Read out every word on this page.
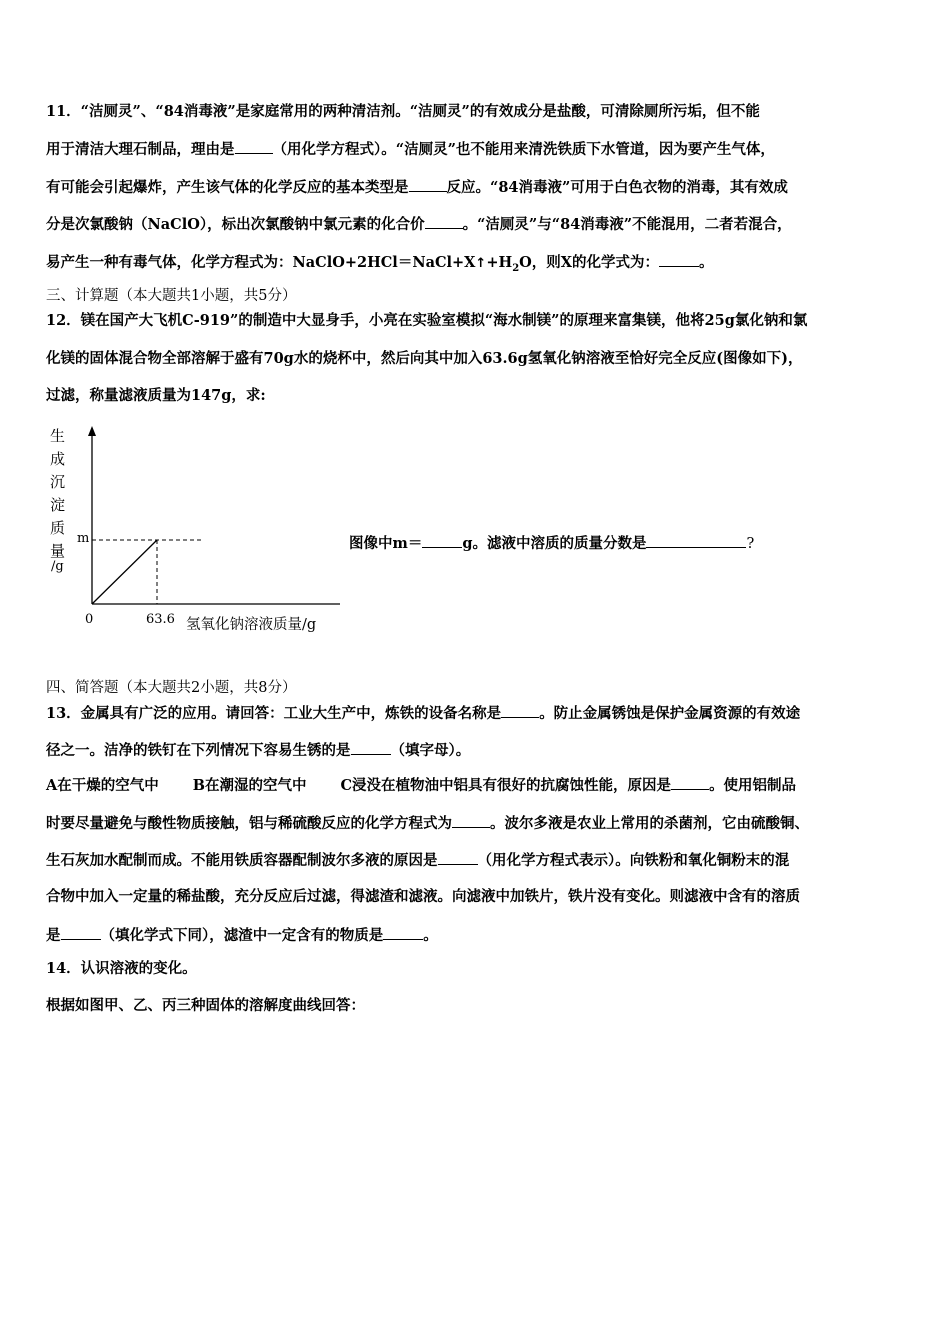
11．“洁厕灵”、“84消毒液”是家庭常用的两种清洁剂。“洁厕灵”的有效成分是盐酸，可清除厕所污垢，但不能
用于清洁大理石制品，理由是	（用化学方程式）。“洁厕灵”也不能用来清洗铁质下水管道，因为要产生气体，
有可能会引起爆炸，产生该气体的化学反应的基本类型是	反应。“84消毒液”可用于白色衣物的消毒，其有效成
分是次氯酸钠（NaClO），标出次氯酸钠中氯元素的化合价	。“洁厕灵”与“84消毒液”不能混用，二者若混合，
易产生一种有毒气体，化学方程式为：$NaClO+2HCl=NaCl+X↑+H_2O$，则X的化学式为：	。
三、计算题（本大题共1小题，共5分）
12．镁在国产大飞机C-919”的制造中大显身手，小亮在实验室模拟“海水制镁”的原理来富集镁，他将25g氯化钠和氯
化镁的固体混合物全部溶解于盛有70g水的烧杯中，然后向其中加入63.6g氢氧化钠溶液至恰好完全反应(图像如下)，
过滤，称量滤液质量为147g，求:
生
成
沉
淀
质
量
/g
m
0	63.6 氢氧化钠溶液质量/g
图像中m＝	g。滤液中溶质的质量分数是	?
四、简答题（本大题共2小题，共8分）
13．金属具有广泛的应用。请回答：工业大生产中，炼铁的设备名称是	。防止金属锈蚀是保护金属资源的有效途
径之一。洁净的铁钉在下列情况下容易生锈的是	（填字母）。
A在干燥的空气中 B在潮湿的空气中 C浸没在植物油中铝具有很好的抗腐蚀性能，原因是	。使用铝制品
时要尽量避免与酸性物质接触，铝与稀硫酸反应的化学方程式为	。波尔多液是农业上常用的杀菌剂，它由硫酸铜、
生石灰加水配制而成。不能用铁质容器配制波尔多液的原因是	（用化学方程式表示）。向铁粉和氧化铜粉末的混
合物中加入一定量的稀盐酸，充分反应后过滤，得滤渣和滤液。向滤液中加铁片，铁片没有变化。则滤液中含有的溶质
是	（填化学式下同），滤渣中一定含有的物质是	。
14．认识溶液的变化。
根据如图甲、乙、丙三种固体的溶解度曲线回答：
